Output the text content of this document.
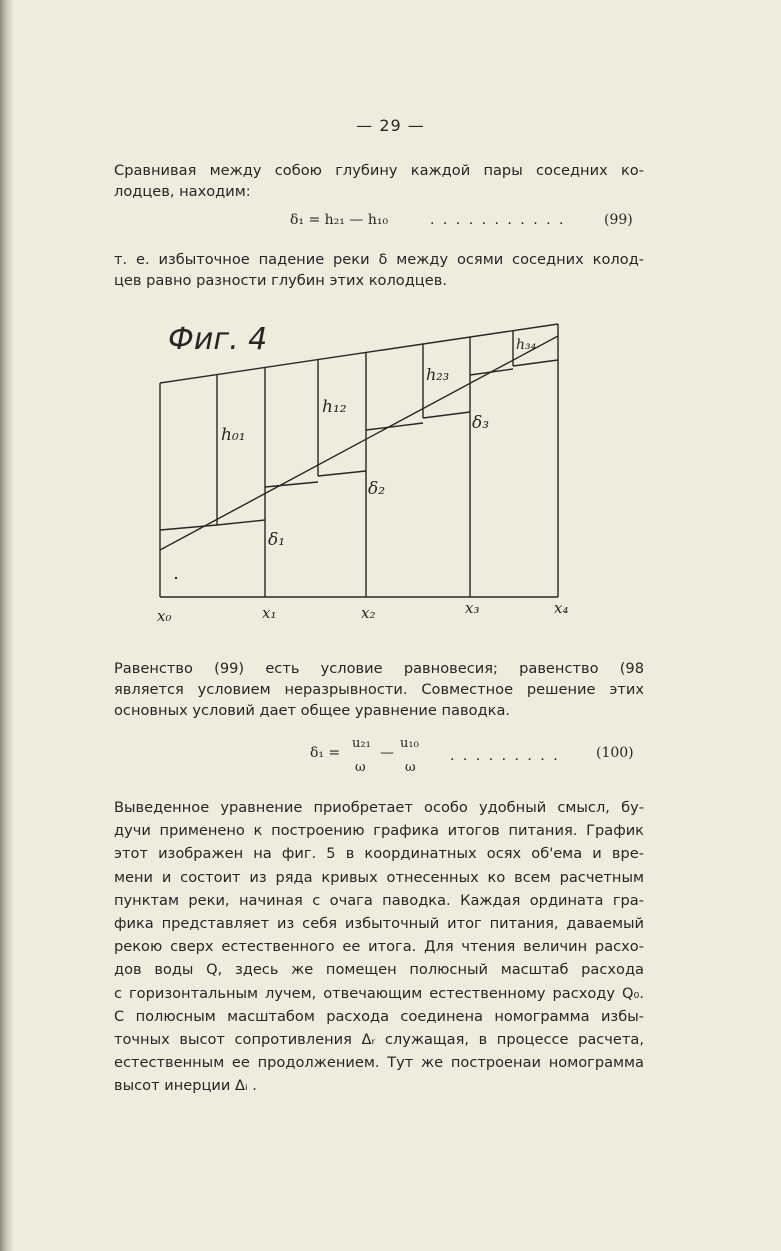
— 29 —

Сравнивая между собою глубину каждой пары соседних ко-
лодцев, находим:

δ₁ = h₂₁ — h₁₀	. . . . . . . . . . .	(99)

т. е. избыточное падение реки δ между осями соседних колод-
цев равно разности глубин этих колодцев.

Фиг. 4
h₀₁
h₁₂
h₂₃
h₃₄
δ₁
δ₂
δ₃
x₀	x₁	x₂	x₃	x₄

Равенство (99) есть условие равновесия; равенство (98
является условием неразрывности. Совместное решение этих
основных условий дает общее уравнение паводка.

δ₁ =
u₂₁
ω
—
u₁₀
ω
. . . . . . . . .	(100)

Выведенное уравнение приобретает особо удобный смысл, бу-
дучи применено к построению графика итогов питания. График
этот изображен на фиг. 5 в координатных осях об'ема и вре-
мени и состоит из ряда кривых отнесенных ко всем расчетным
пунктам реки, начиная с очага паводка. Каждая ордината гра-
фика представляет из себя избыточный итог питания, даваемый
рекою сверх естественного ее итога. Для чтения величин расхо-
дов воды Q, здесь же помещен полюсный масштаб расхода
с горизонтальным лучем, отвечающим естественному расходу Q₀.
С полюсным масштабом расхода соединена номограмма избы-
точных высот сопротивления Δᵣ служащая, в процессе расчета,
естественным ее продолжением. Тут же построенаи номограмма
высот инерции Δᵢ .
